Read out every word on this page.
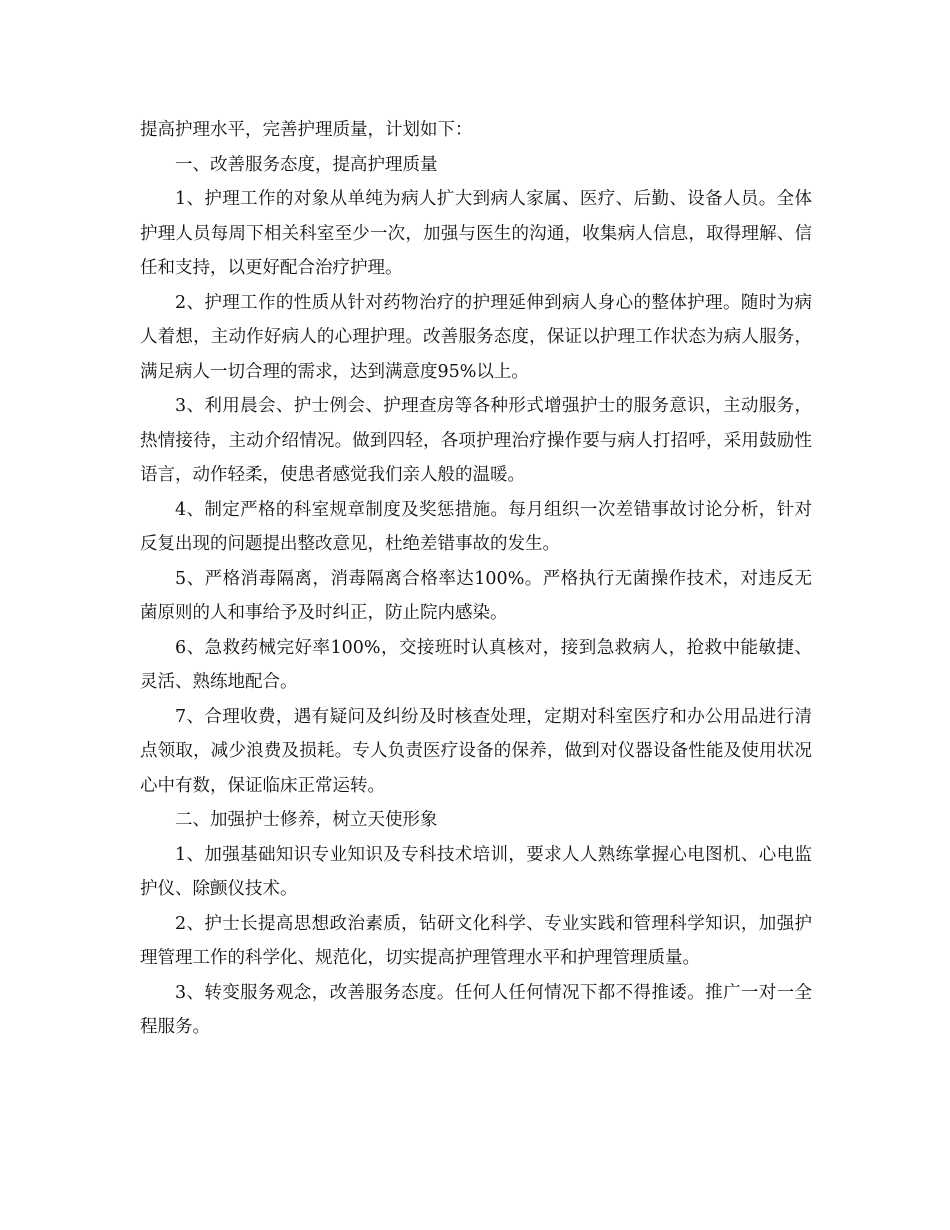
提高护理水平，完善护理质量，计划如下：

一、改善服务态度，提高护理质量

1、护理工作的对象从单纯为病人扩大到病人家属、医疗、后勤、设备人员。全体护理人员每周下相关科室至少一次，加强与医生的沟通，收集病人信息，取得理解、信任和支持，以更好配合治疗护理。

2、护理工作的性质从针对药物治疗的护理延伸到病人身心的整体护理。随时为病人着想，主动作好病人的心理护理。改善服务态度，保证以护理工作状态为病人服务，满足病人一切合理的需求，达到满意度95%以上。

3、利用晨会、护士例会、护理查房等各种形式增强护士的服务意识，主动服务，热情接待，主动介绍情况。做到四轻，各项护理治疗操作要与病人打招呼，采用鼓励性语言，动作轻柔，使患者感觉我们亲人般的温暖。

4、制定严格的科室规章制度及奖惩措施。每月组织一次差错事故讨论分析，针对反复出现的问题提出整改意见，杜绝差错事故的发生。

5、严格消毒隔离，消毒隔离合格率达100%。严格执行无菌操作技术，对违反无菌原则的人和事给予及时纠正，防止院内感染。

6、急救药械完好率100%，交接班时认真核对，接到急救病人，抢救中能敏捷、灵活、熟练地配合。

7、合理收费，遇有疑问及纠纷及时核查处理，定期对科室医疗和办公用品进行清点领取，减少浪费及损耗。专人负责医疗设备的保养，做到对仪器设备性能及使用状况心中有数，保证临床正常运转。

二、加强护士修养，树立天使形象

1、加强基础知识专业知识及专科技术培训，要求人人熟练掌握心电图机、心电监护仪、除颤仪技术。

2、护士长提高思想政治素质，钻研文化科学、专业实践和管理科学知识，加强护理管理工作的科学化、规范化，切实提高护理管理水平和护理管理质量。

3、转变服务观念，改善服务态度。任何人任何情况下都不得推诿。推广一对一全程服务。
